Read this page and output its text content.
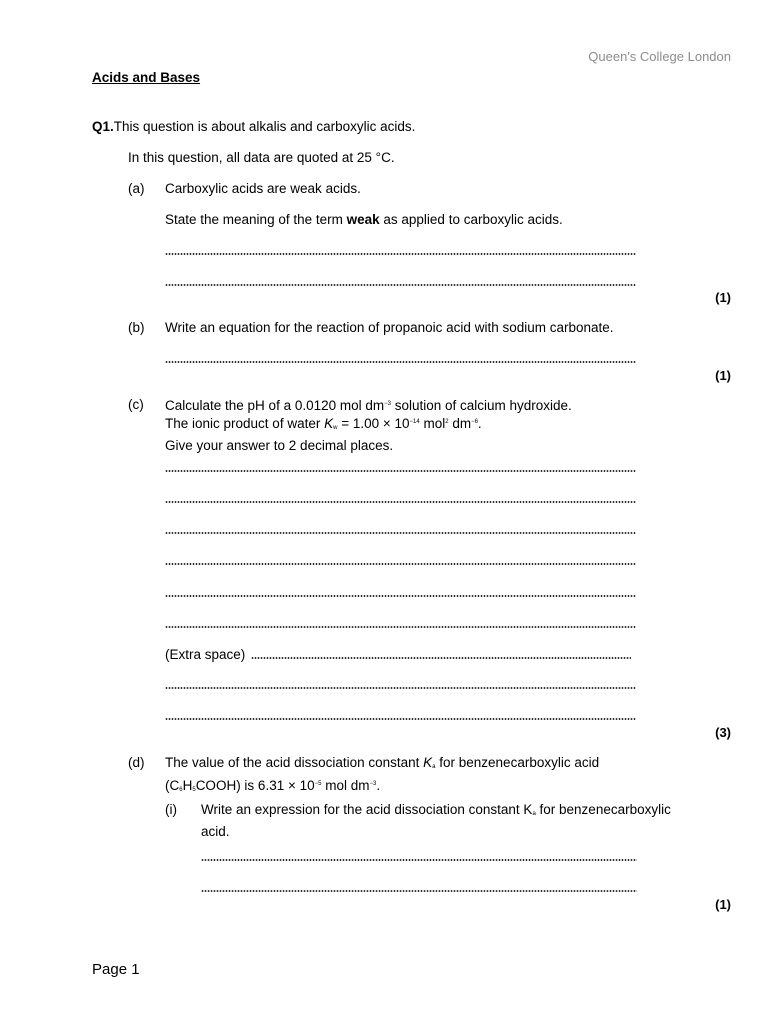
Queen's College London
Acids and Bases
Q1.This question is about alkalis and carboxylic acids.
In this question, all data are quoted at 25 °C.
(a) Carboxylic acids are weak acids.
State the meaning of the term weak as applied to carboxylic acids.
(1)
(b) Write an equation for the reaction of propanoic acid with sodium carbonate.
(1)
(c) Calculate the pH of a 0.0120 mol $dm^{-3}$ solution of calcium hydroxide.
The ionic product of water $Kw = 1.00 \times 10^{-14}$ mol$^2$ $dm^{-6}$.
Give your answer to 2 decimal places.
(Extra space)
(3)
(d) The value of the acid dissociation constant Ka for benzenecarboxylic acid
(C6H5COOH) is $6.31 \times 10^{-5}$ mol $dm^{-3}$.
(i) Write an expression for the acid dissociation constant Ka for benzenecarboxylic
acid.
(1)
Page 1
